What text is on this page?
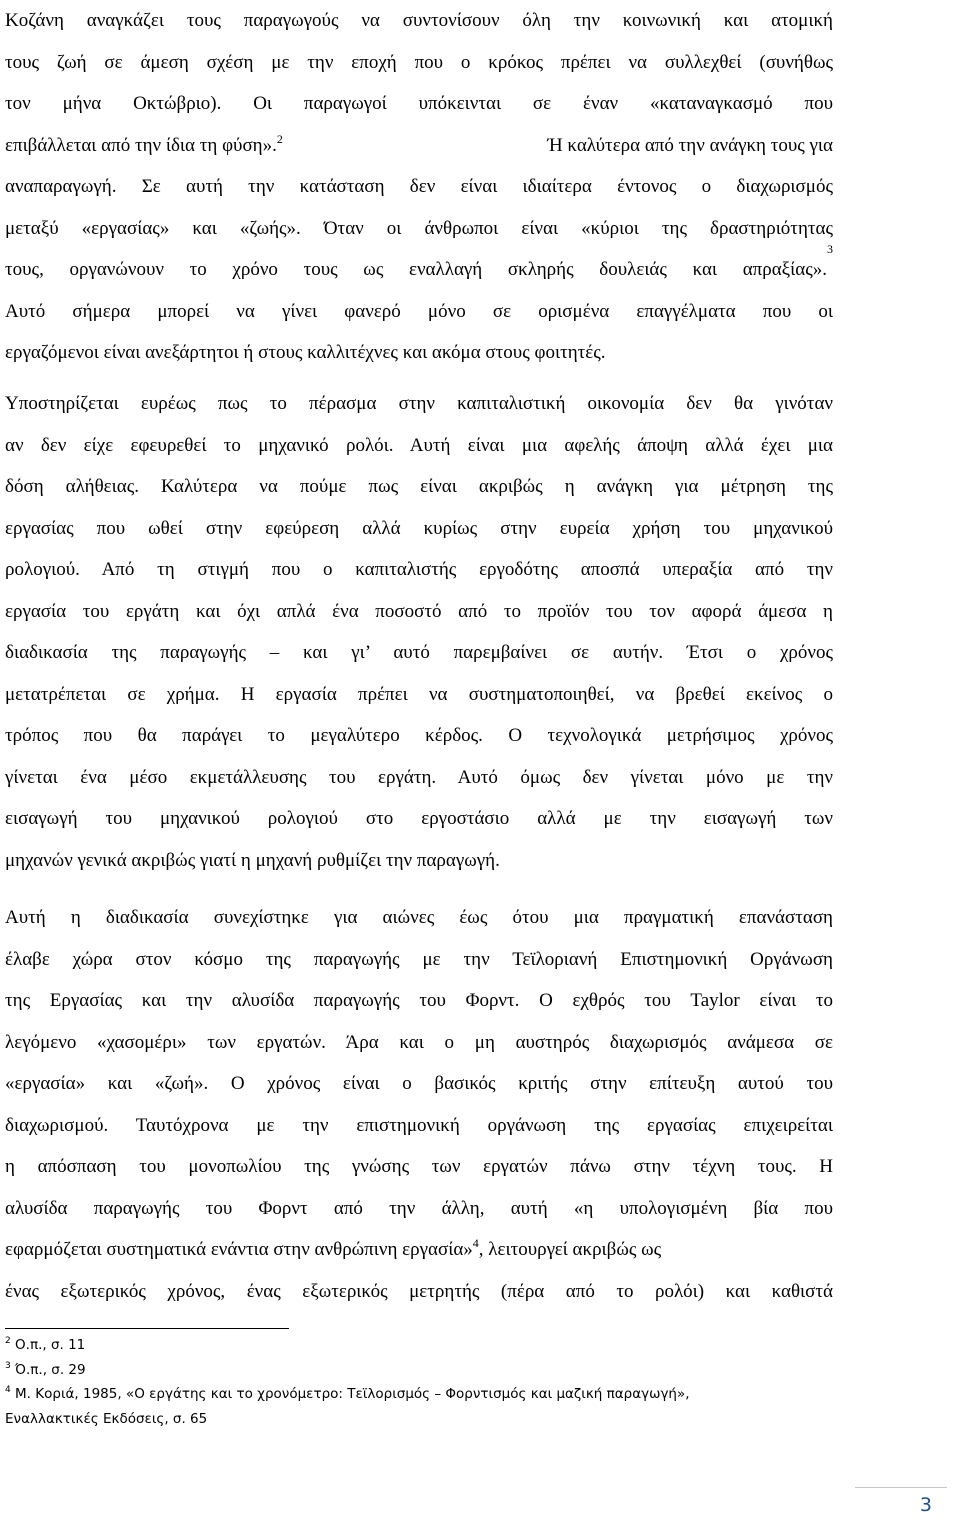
Κοζάνη αναγκάζει τους παραγωγούς να συντονίσουν όλη την κοινωνική και ατομική
τους ζωή σε άμεση σχέση με την εποχή που ο κρόκος πρέπει να συλλεχθεί (συνήθως
τον μήνα Οκτώβριο). Οι παραγωγοί υπόκεινται σε έναν «καταναγκασμό που
επιβάλλεται από την ίδια τη φύση».$^2$	Ή καλύτερα από την ανάγκη τους για
αναπαραγωγή. Σε αυτή την κατάσταση δεν είναι ιδιαίτερα έντονος ο διαχωρισμός
μεταξύ «εργασίας» και «ζωής». Όταν οι άνθρωποι είναι «κύριοι της δραστηριότητας
τους, οργανώνουν το χρόνο τους ως εναλλαγή σκληρής δουλειάς και απραξίας».
3
Αυτό σήμερα μπορεί να γίνει φανερό μόνο σε ορισμένα επαγγέλματα που οι
εργαζόμενοι είναι ανεξάρτητοι ή στους καλλιτέχνες και ακόμα στους φοιτητές.
Υποστηρίζεται ευρέως πως το πέρασμα στην καπιταλιστική οικονομία δεν θα γινόταν
αν δεν είχε εφευρεθεί το μηχανικό ρολόι. Αυτή είναι μια αφελής άποψη αλλά έχει μια
δόση αλήθειας. Καλύτερα να πούμε πως είναι ακριβώς η ανάγκη για μέτρηση της
εργασίας που ωθεί στην εφεύρεση αλλά κυρίως στην ευρεία χρήση του μηχανικού
ρολογιού. Από τη στιγμή που ο καπιταλιστής εργοδότης αποσπά υπεραξία από την
εργασία του εργάτη και όχι απλά ένα ποσοστό από το προϊόν του τον αφορά άμεσα η
διαδικασία της παραγωγής – και γι’ αυτό παρεμβαίνει σε αυτήν. Έτσι ο χρόνος
μετατρέπεται σε χρήμα. Η εργασία πρέπει να συστηματοποιηθεί, να βρεθεί εκείνος ο
τρόπος που θα παράγει το μεγαλύτερο κέρδος. Ο τεχνολογικά μετρήσιμος χρόνος
γίνεται ένα μέσο εκμετάλλευσης του εργάτη. Αυτό όμως δεν γίνεται μόνο με την
εισαγωγή του μηχανικού ρολογιού στο εργοστάσιο αλλά με την εισαγωγή των
μηχανών γενικά ακριβώς γιατί η μηχανή ρυθμίζει την παραγωγή.
Αυτή η διαδικασία συνεχίστηκε για αιώνες έως ότου μια πραγματική επανάσταση
έλαβε χώρα στον κόσμο της παραγωγής με την Τεϊλοριανή Επιστημονική Οργάνωση
της Εργασίας και την αλυσίδα παραγωγής του Φορντ. Ο εχθρός του Taylor είναι το
λεγόμενο «χασομέρι» των εργατών. Άρα και ο μη αυστηρός διαχωρισμός ανάμεσα σε
«εργασία» και «ζωή». Ο χρόνος είναι ο βασικός κριτής στην επίτευξη αυτού του
διαχωρισμού. Ταυτόχρονα με την επιστημονική οργάνωση της εργασίας επιχειρείται
η απόσπαση του μονοπωλίου της γνώσης των εργατών πάνω στην τέχνη τους. Η
αλυσίδα παραγωγής του Φορντ από την άλλη, αυτή «η υπολογισμένη βία που
εφαρμόζεται συστηματικά ενάντια στην ανθρώπινη εργασία»$^4$, λειτουργεί ακριβώς ως
ένας εξωτερικός χρόνος, ένας εξωτερικός μετρητής (πέρα από το ρολόι) και καθιστά
$^2$ Ο.π., σ. 11
$^3$ Ό.π., σ. 29
$^4$ Μ. Κοριά, 1985, «Ο εργάτης και το χρονόμετρο: Τεϊλορισμός – Φορντισμός και μαζική παραγωγή»,
Εναλλακτικές Εκδόσεις, σ. 65
3
